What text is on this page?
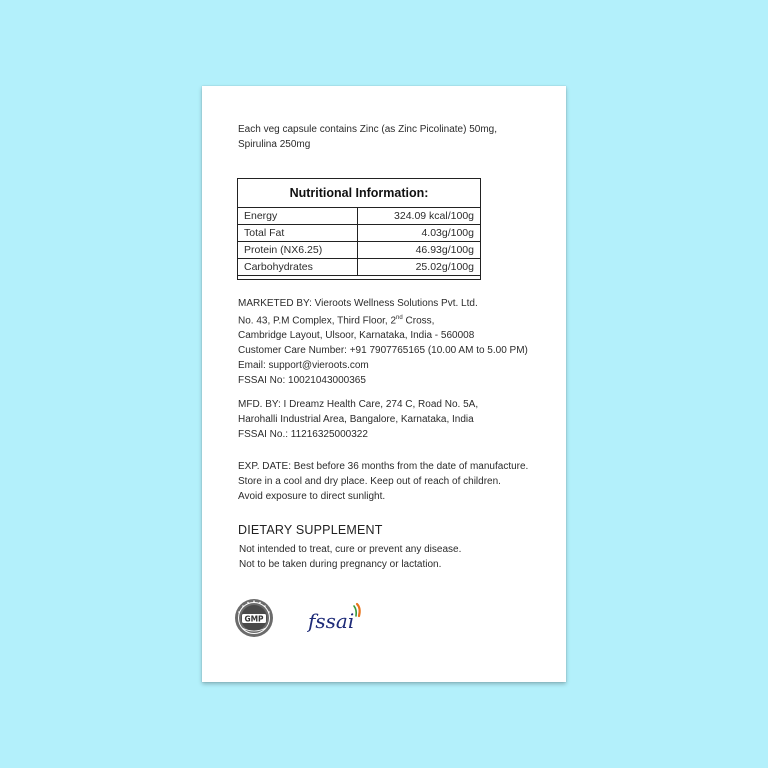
Each veg capsule contains Zinc (as Zinc Picolinate) 50mg,
Spirulina 250mg
Nutritional Information:
Energy	324.09 kcal/100g
Total Fat	4.03g/100g
Protein (NX6.25)	46.93g/100g
Carbohydrates	25.02g/100g
MARKETED BY: Vieroots Wellness Solutions Pvt. Ltd.
No. 43, P.M Complex, Third Floor, 2nd Cross,
Cambridge Layout, Ulsoor, Karnataka, India - 560008
Customer Care Number: +91 7907765165 (10.00 AM to 5.00 PM)
Email: support@vieroots.com
FSSAI No: 10021043000365
MFD. BY: I Dreamz Health Care, 274 C, Road No. 5A,
Harohalli Industrial Area, Bangalore, Karnataka, India
FSSAI No.: 11216325000322
EXP. DATE: Best before 36 months from the date of manufacture.
Store in a cool and dry place. Keep out of reach of children.
Avoid exposure to direct sunlight.
DIETARY SUPPLEMENT
Not intended to treat, cure or prevent any disease.
Not to be taken during pregnancy or lactation.
GMP fssai
